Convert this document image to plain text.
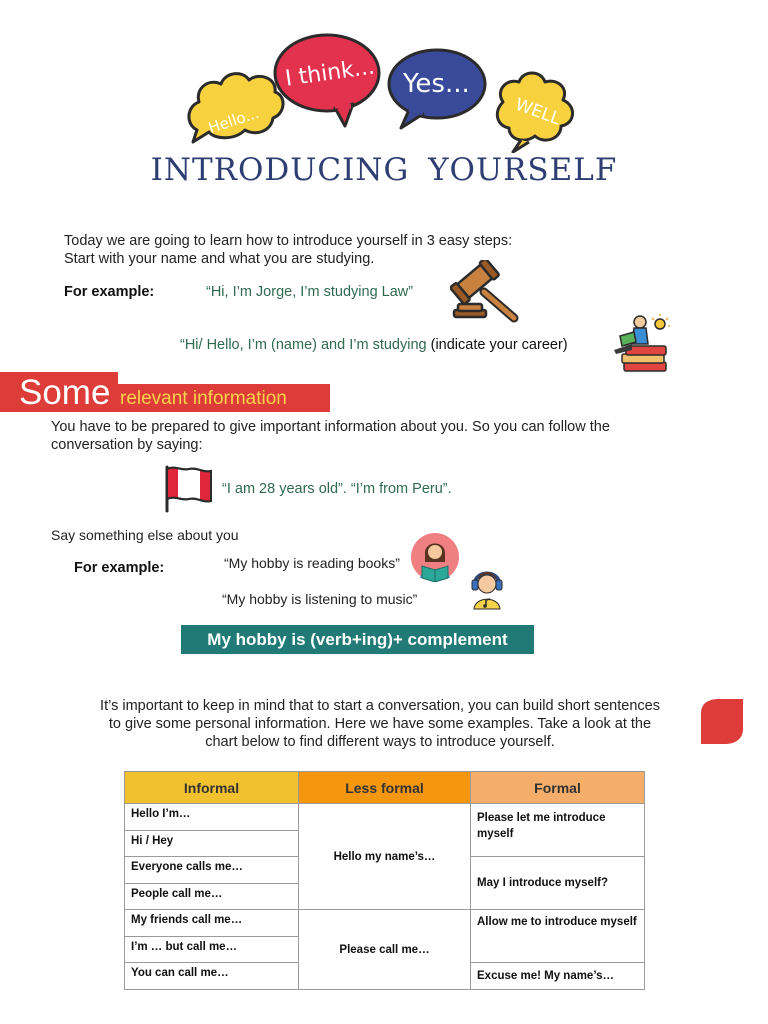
Hello...
I think... Yes...
WELL
INTRODUCING YOURSELF
Today we are going to learn how to introduce yourself in 3 easy steps:
Start with your name and what you are studying.
For example:	“Hi, I’m Jorge, I’m studying Law”
“Hi/ Hello, I’m (name) and I’m studying (indicate your career)
Some relevant information
You have to be prepared to give important information about you. So you can follow the
conversation by saying:
“I am 28 years old”. “I’m from Peru”.
Say something else about you
For example:	“My hobby is reading books”
“My hobby is listening to music”
My hobby is (verb+ing)+ complement
It’s important to keep in mind that to start a conversation, you can build short sentences
to give some personal information. Here we have some examples. Take a look at the
chart below to find different ways to introduce yourself.
Informal	Less formal	Formal
Hello I’m…	Hello my name’s…	Please let me introduce myself
Hi / Hey		
Everyone calls me…		May I introduce myself?
People call me…		
My friends call me…	Please call me…	Allow me to introduce myself
I’m … but call me…		
You can call me…		Excuse me! My name’s…
